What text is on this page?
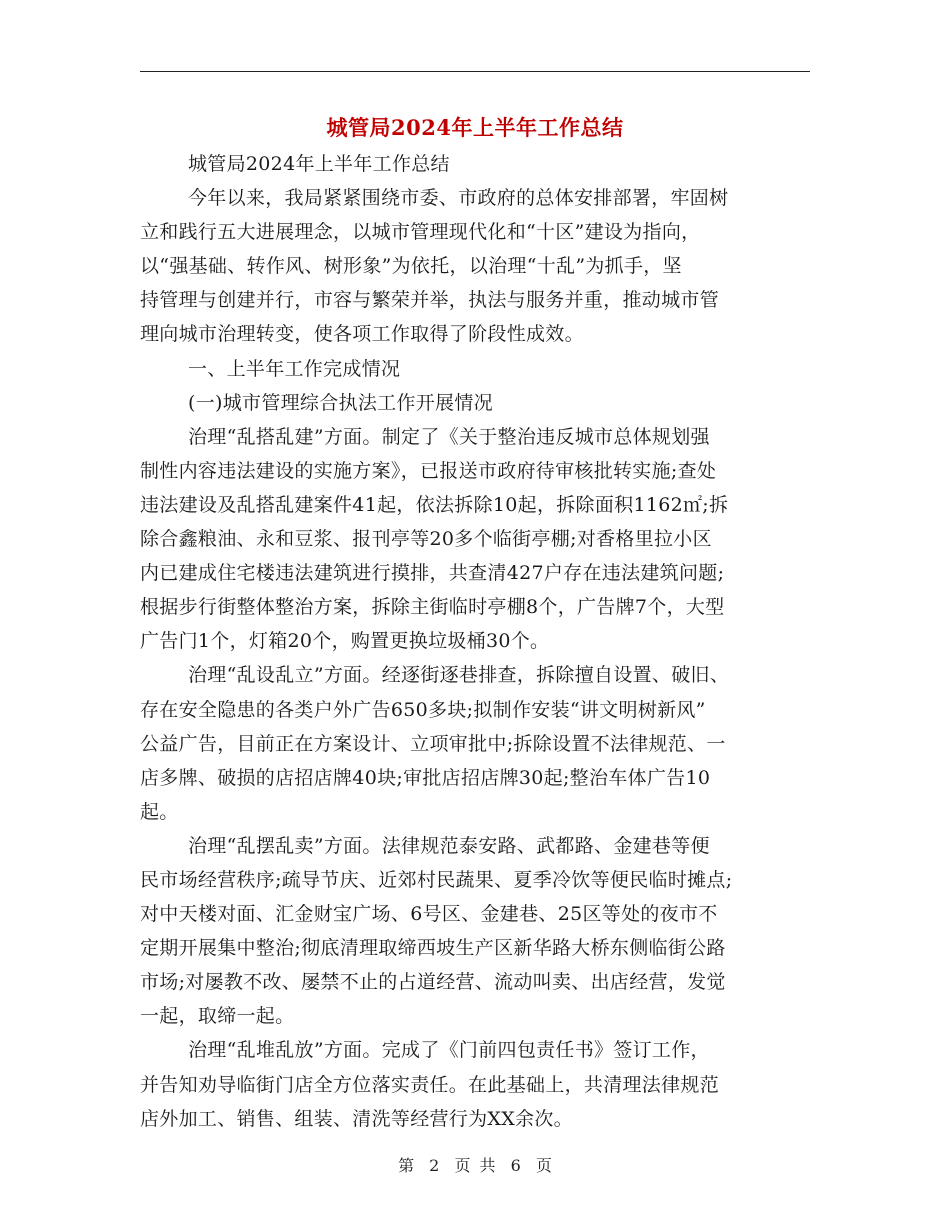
城管局2024年上半年工作总结
城管局2024年上半年工作总结
今年以来，我局紧紧围绕市委、市政府的总体安排部署，牢固树
立和践行五大进展理念，以城市管理现代化和“十区”建设为指向，
以“强基础、转作风、树形象”为依托，以治理“十乱”为抓手，坚
持管理与创建并行，市容与繁荣并举，执法与服务并重，推动城市管
理向城市治理转变，使各项工作取得了阶段性成效。
一、上半年工作完成情况
(一)城市管理综合执法工作开展情况
治理“乱搭乱建”方面。制定了《关于整治违反城市总体规划强
制性内容违法建设的实施方案》，已报送市政府待审核批转实施;查处
违法建设及乱搭乱建案件41起，依法拆除10起，拆除面积1162㎡;拆
除合鑫粮油、永和豆浆、报刊亭等20多个临街亭棚;对香格里拉小区
内已建成住宅楼违法建筑进行摸排，共查清427户存在违法建筑问题;
根据步行街整体整治方案，拆除主街临时亭棚8个，广告牌7个，大型
广告门1个，灯箱20个，购置更换垃圾桶30个。
治理“乱设乱立”方面。经逐街逐巷排查，拆除擅自设置、破旧、
存在安全隐患的各类户外广告650多块;拟制作安装“讲文明树新风”
公益广告，目前正在方案设计、立项审批中;拆除设置不法律规范、一
店多牌、破损的店招店牌40块;审批店招店牌30起;整治车体广告10
起。
治理“乱摆乱卖”方面。法律规范泰安路、武都路、金建巷等便
民市场经营秩序;疏导节庆、近郊村民蔬果、夏季冷饮等便民临时摊点;
对中天楼对面、汇金财宝广场、6号区、金建巷、25区等处的夜市不
定期开展集中整治;彻底清理取缔西坡生产区新华路大桥东侧临街公路
市场;对屡教不改、屡禁不止的占道经营、流动叫卖、出店经营，发觉
一起，取缔一起。
治理“乱堆乱放”方面。完成了《门前四包责任书》签订工作，
并告知劝导临街门店全方位落实责任。在此基础上，共清理法律规范
店外加工、销售、组装、清洗等经营行为XX余次。
第 2 页 共 6 页
